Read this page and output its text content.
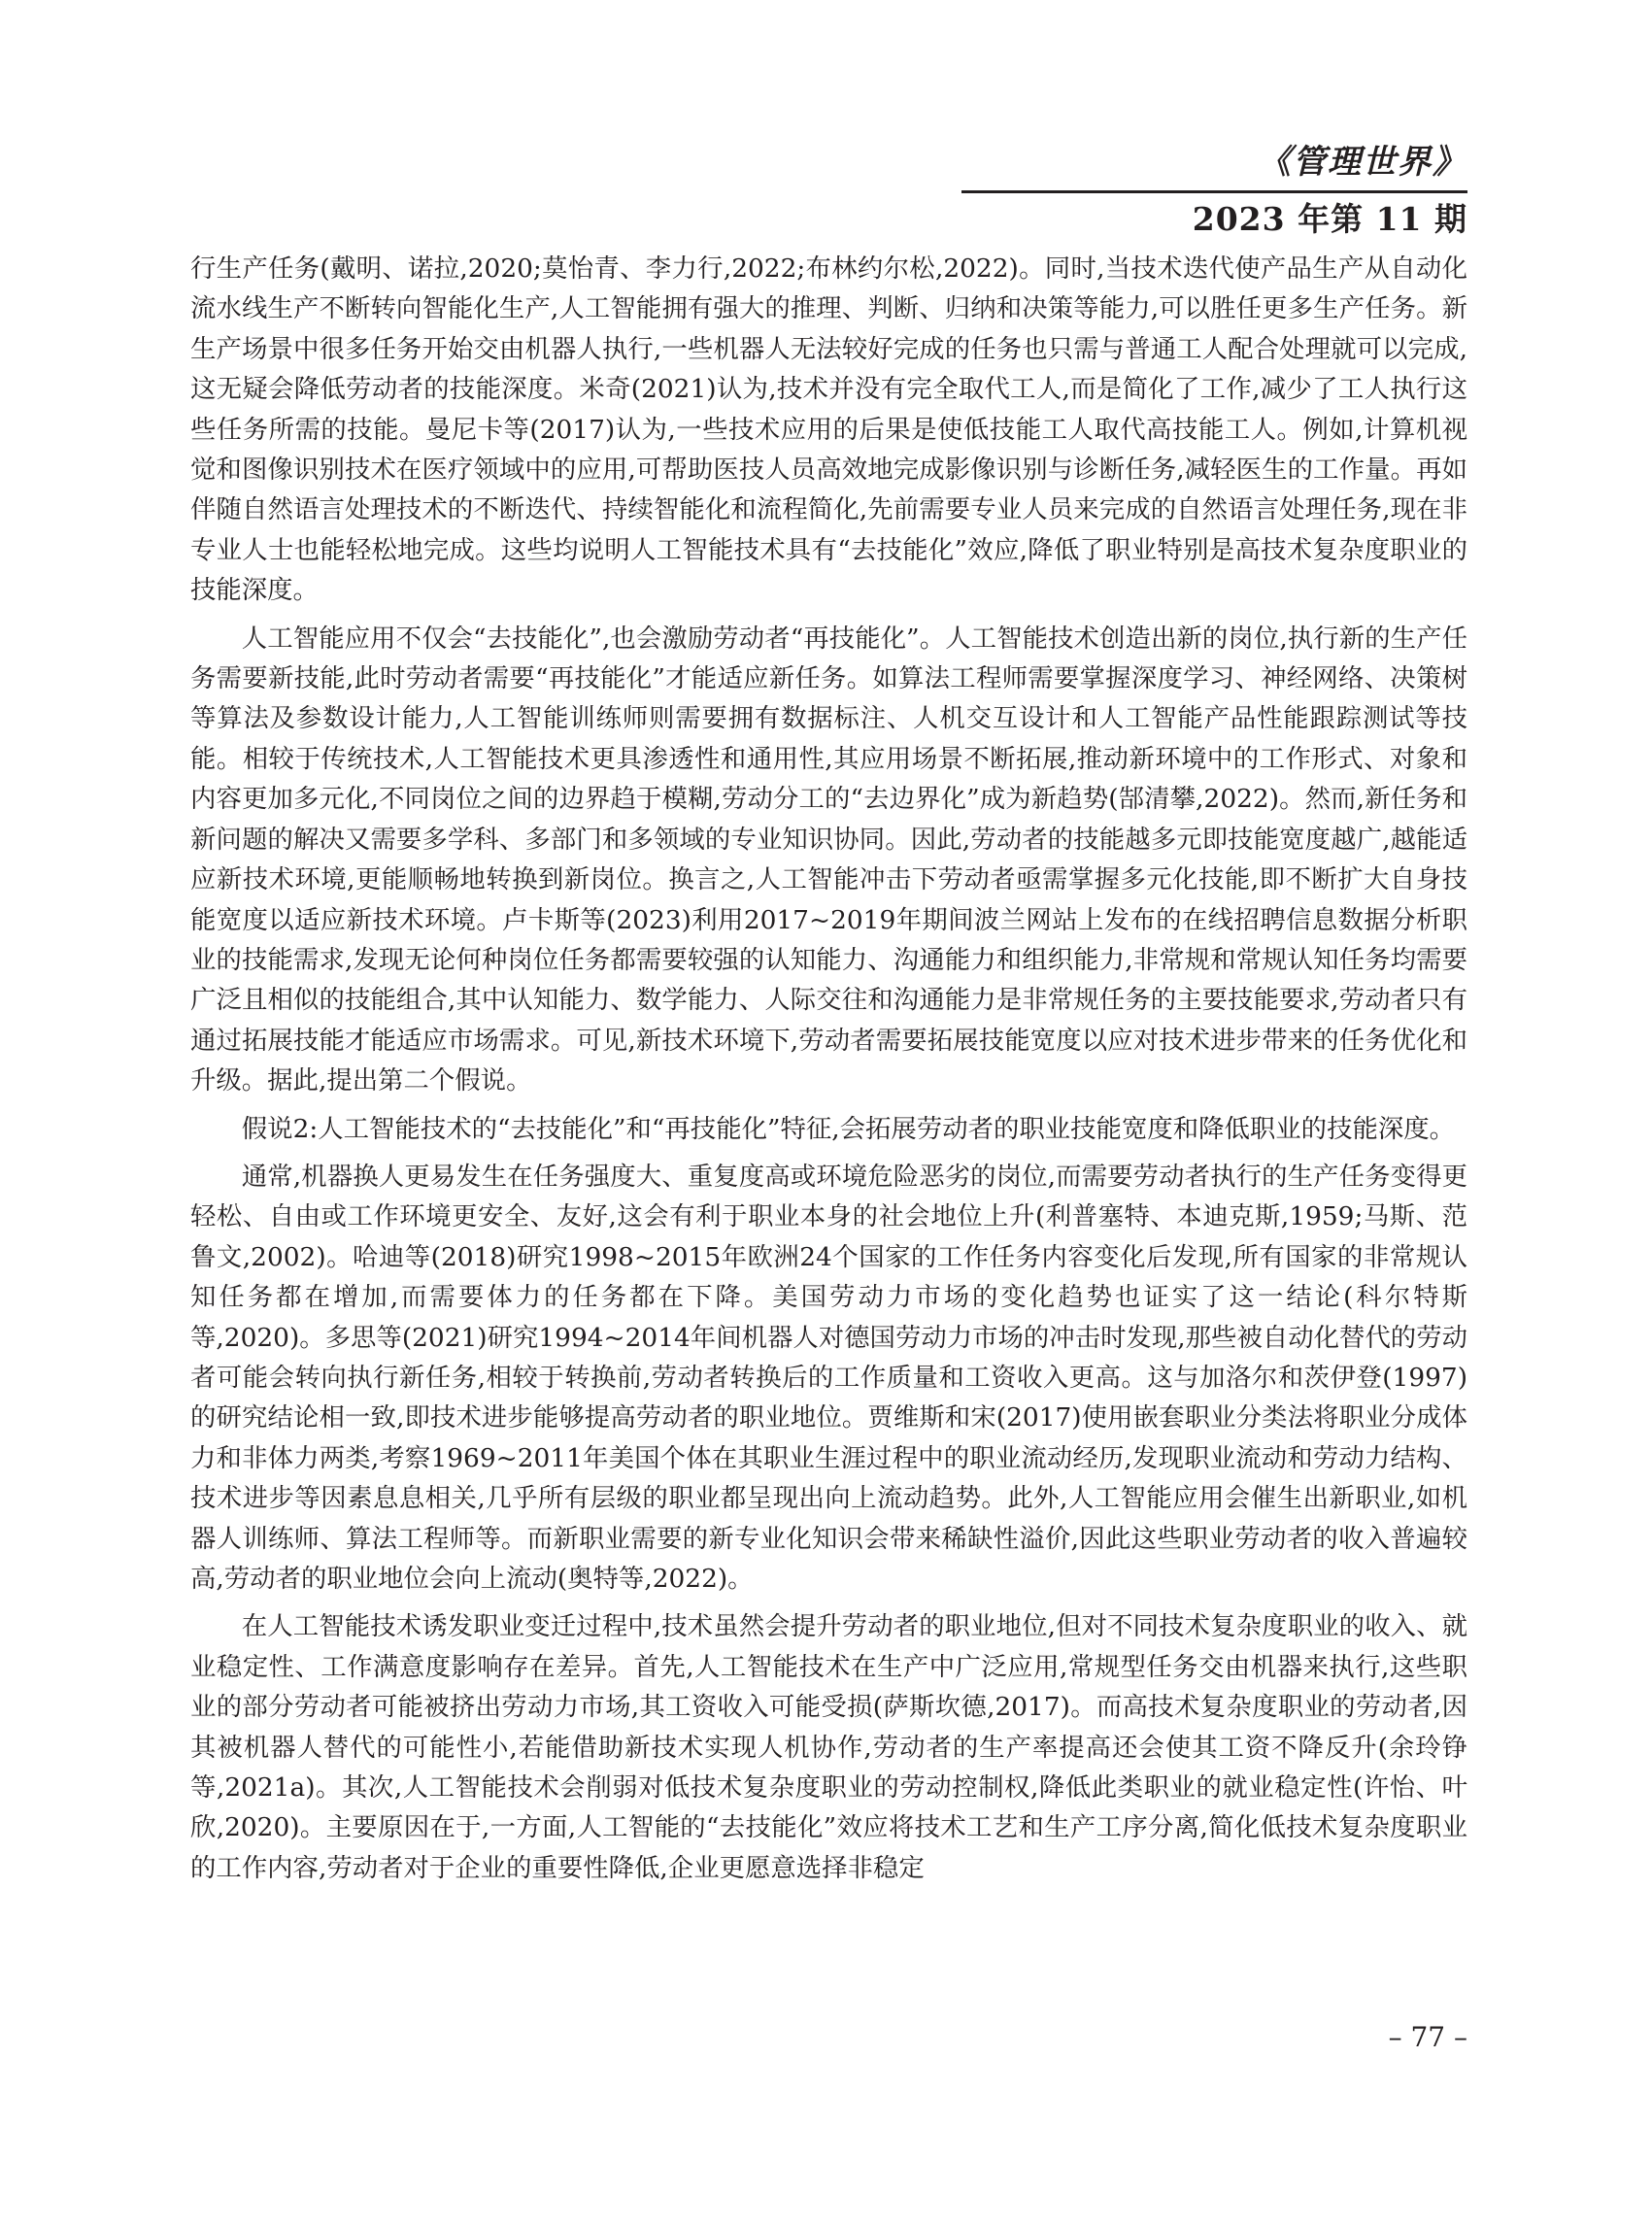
《管理世界》
2023 年第 11 期

行生产任务(戴明、诺拉,2020;莫怡青、李力行,2022;布林约尔松,2022)。同时,当技术迭代使产品生产从自动化流水线生产不断转向智能化生产,人工智能拥有强大的推理、判断、归纳和决策等能力,可以胜任更多生产任务。新生产场景中很多任务开始交由机器人执行,一些机器人无法较好完成的任务也只需与普通工人配合处理就可以完成,这无疑会降低劳动者的技能深度。米奇(2021)认为,技术并没有完全取代工人,而是简化了工作,减少了工人执行这些任务所需的技能。曼尼卡等(2017)认为,一些技术应用的后果是使低技能工人取代高技能工人。例如,计算机视觉和图像识别技术在医疗领域中的应用,可帮助医技人员高效地完成影像识别与诊断任务,减轻医生的工作量。再如伴随自然语言处理技术的不断迭代、持续智能化和流程简化,先前需要专业人员来完成的自然语言处理任务,现在非专业人士也能轻松地完成。这些均说明人工智能技术具有“去技能化”效应,降低了职业特别是高技术复杂度职业的技能深度。

人工智能应用不仅会“去技能化”,也会激励劳动者“再技能化”。人工智能技术创造出新的岗位,执行新的生产任务需要新技能,此时劳动者需要“再技能化”才能适应新任务。如算法工程师需要掌握深度学习、神经网络、决策树等算法及参数设计能力,人工智能训练师则需要拥有数据标注、人机交互设计和人工智能产品性能跟踪测试等技能。相较于传统技术,人工智能技术更具渗透性和通用性,其应用场景不断拓展,推动新环境中的工作形式、对象和内容更加多元化,不同岗位之间的边界趋于模糊,劳动分工的“去边界化”成为新趋势(郜清攀,2022)。然而,新任务和新问题的解决又需要多学科、多部门和多领域的专业知识协同。因此,劳动者的技能越多元即技能宽度越广,越能适应新技术环境,更能顺畅地转换到新岗位。换言之,人工智能冲击下劳动者亟需掌握多元化技能,即不断扩大自身技能宽度以适应新技术环境。卢卡斯等(2023)利用2017~2019年期间波兰网站上发布的在线招聘信息数据分析职业的技能需求,发现无论何种岗位任务都需要较强的认知能力、沟通能力和组织能力,非常规和常规认知任务均需要广泛且相似的技能组合,其中认知能力、数学能力、人际交往和沟通能力是非常规任务的主要技能要求,劳动者只有通过拓展技能才能适应市场需求。可见,新技术环境下,劳动者需要拓展技能宽度以应对技术进步带来的任务优化和升级。据此,提出第二个假说。

假说2:人工智能技术的“去技能化”和“再技能化”特征,会拓展劳动者的职业技能宽度和降低职业的技能深度。

通常,机器换人更易发生在任务强度大、重复度高或环境危险恶劣的岗位,而需要劳动者执行的生产任务变得更轻松、自由或工作环境更安全、友好,这会有利于职业本身的社会地位上升(利普塞特、本迪克斯,1959;马斯、范鲁文,2002)。哈迪等(2018)研究1998~2015年欧洲24个国家的工作任务内容变化后发现,所有国家的非常规认知任务都在增加,而需要体力的任务都在下降。美国劳动力市场的变化趋势也证实了这一结论(科尔特斯等,2020)。多思等(2021)研究1994~2014年间机器人对德国劳动力市场的冲击时发现,那些被自动化替代的劳动者可能会转向执行新任务,相较于转换前,劳动者转换后的工作质量和工资收入更高。这与加洛尔和茨伊登(1997)的研究结论相一致,即技术进步能够提高劳动者的职业地位。贾维斯和宋(2017)使用嵌套职业分类法将职业分成体力和非体力两类,考察1969~2011年美国个体在其职业生涯过程中的职业流动经历,发现职业流动和劳动力结构、技术进步等因素息息相关,几乎所有层级的职业都呈现出向上流动趋势。此外,人工智能应用会催生出新职业,如机器人训练师、算法工程师等。而新职业需要的新专业化知识会带来稀缺性溢价,因此这些职业劳动者的收入普遍较高,劳动者的职业地位会向上流动(奥特等,2022)。

在人工智能技术诱发职业变迁过程中,技术虽然会提升劳动者的职业地位,但对不同技术复杂度职业的收入、就业稳定性、工作满意度影响存在差异。首先,人工智能技术在生产中广泛应用,常规型任务交由机器来执行,这些职业的部分劳动者可能被挤出劳动力市场,其工资收入可能受损(萨斯坎德,2017)。而高技术复杂度职业的劳动者,因其被机器人替代的可能性小,若能借助新技术实现人机协作,劳动者的生产率提高还会使其工资不降反升(余玲铮等,2021a)。其次,人工智能技术会削弱对低技术复杂度职业的劳动控制权,降低此类职业的就业稳定性(许怡、叶欣,2020)。主要原因在于,一方面,人工智能的“去技能化”效应将技术工艺和生产工序分离,简化低技术复杂度职业的工作内容,劳动者对于企业的重要性降低,企业更愿意选择非稳定

– 77 –
